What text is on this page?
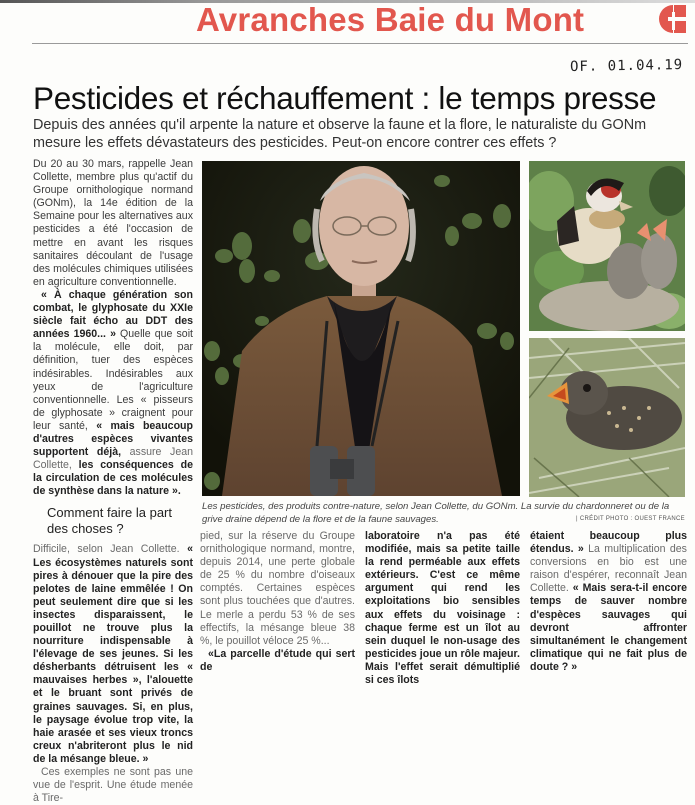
Avranches Baie du Mont
OF. 01.04.19
Pesticides et réchauffement : le temps presse
Depuis des années qu'il arpente la nature et observe la faune et la flore, le naturaliste du GONm mesure les effets dévastateurs des pesticides. Peut-on encore contrer ces effets ?

Du 20 au 30 mars, rappelle Jean Collette, membre plus qu'actif du Groupe ornithologique normand (GONm), la 14e édition de la Semaine pour les alternatives aux pesticides a été l'occasion de mettre en avant les risques sanitaires découlant de l'usage des molécules chimiques utilisées en agriculture conventionnelle.

« À chaque génération son combat, le glyphosate du XXIe siècle fait écho au DDT des années 1960... » Quelle que soit la molécule, elle doit, par définition, tuer des espèces indésirables. Indésirables aux yeux de l'agriculture conventionnelle. Les « pisseurs de glyphosate » craignent pour leur santé, « mais beaucoup d'autres espèces vivantes supportent déjà, assure Jean Collette, les conséquences de la circulation de ces molécules de synthèse dans la nature ».

Comment faire la part des choses ?

Difficile, selon Jean Collette. « Les écosystèmes naturels sont pires à dénouer que la pire des pelotes de laine emmêlée ! On peut seulement dire que si les insectes disparaissent, le pouillot ne trouve plus la nourriture indispensable à l'élevage de ses jeunes. Si les désherbants détruisent les « mauvaises herbes », l'alouette et le bruant sont privés de graines sauvages. Si, en plus, le paysage évolue trop vite, la haie arasée et ses vieux troncs creux n'abriteront plus le nid de la mésange bleue. »

Ces exemples ne sont pas une vue de l'esprit. Une étude menée à Tire-

Les pesticides, des produits contre-nature, selon Jean Collette, du GONm. La survie du chardonneret ou de la grive draine dépend de la flore et de la faune sauvages.	| CRÉDIT PHOTO : OUEST FRANCE

pied, sur la réserve du Groupe ornithologique normand, montre, depuis 2014, une perte globale de 25 % du nombre d'oiseaux comptés. Certaines espèces sont plus touchées que d'autres. Le merle a perdu 53 % de ses effectifs, la mésange bleue 38 %, le pouillot véloce 25 %...

«La parcelle d'étude qui sert de

laboratoire n'a pas été modifiée, mais sa petite taille la rend perméable aux effets extérieurs. C'est ce même argument qui rend les exploitations bio sensibles aux effets du voisinage : chaque ferme est un îlot au sein duquel le non-usage des pesticides joue un rôle majeur. Mais l'effet serait démultiplié si ces îlots

étaient beaucoup plus étendus. » La multiplication des conversions en bio est une raison d'espérer, reconnaît Jean Collette. « Mais sera-t-il encore temps de sauver nombre d'espèces sauvages qui devront affronter simultanément le changement climatique qui ne fait plus de doute ? »
